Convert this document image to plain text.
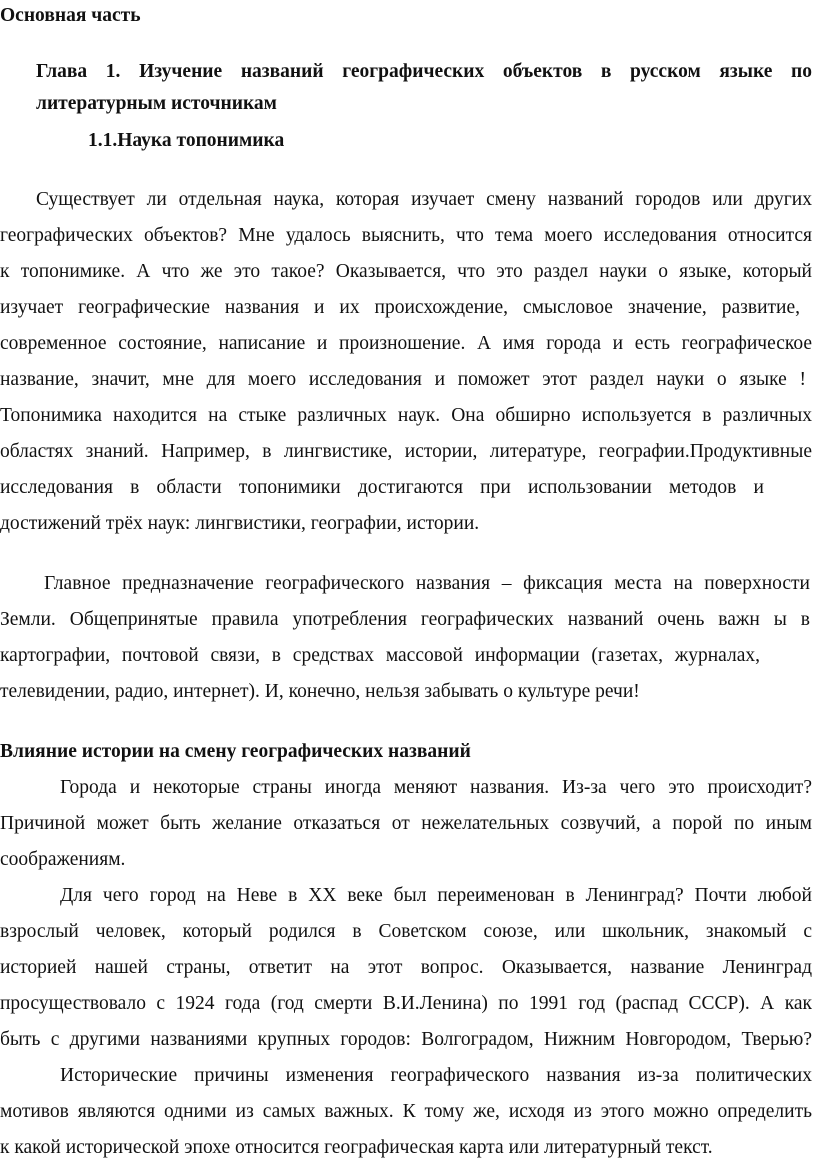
Основная часть
Глава 1. Изучение названий географических объектов в русском языке по
литературным источникам
1.1.Наука топонимика
Существует ли отдельная наука, которая изучает смену названий городов или других
географических объектов? Мне удалось выяснить, что тема моего исследования относится
к топонимике. А что же это такое? Оказывается, что это раздел науки о языке, который
изучает географические названия и их происхождение, смысловое значение, развитие,
современное состояние, написание и произношение. А имя города и есть географическое
название, значит, мне для моего исследования и поможет этот раздел науки о языке !
Топонимика находится на стыке различных наук. Она обширно используется в различных
областях знаний. Например, в лингвистике, истории, литературе, географии.Продуктивные
исследования в области топонимики достигаются при использовании методов и
достижений трёх наук: лингвистики, географии, истории.
Главное предназначение географического названия – фиксация места на поверхности
Земли. Общепринятые правила употребления географических названий очень важн ы в
картографии, почтовой связи, в средствах массовой информации (газетах, журналах,
телевидении, радио, интернет). И, конечно, нельзя забывать о культуре речи!
Влияние истории на смену географических названий
Города и некоторые страны иногда меняют названия. Из-за чего это происходит?
Причиной может быть желание отказаться от нежелательных созвучий, а порой по иным
соображениям.
Для чего город на Неве в XX веке был переименован в Ленинград? Почти любой
взрослый человек, который родился в Советском союзе, или школьник, знакомый с
историей нашей страны, ответит на этот вопрос. Оказывается, название Ленинград
просуществовало с 1924 года (год смерти В.И.Ленина) по 1991 год (распад СССР). А как
быть с другими названиями крупных городов: Волгоградом, Нижним Новгородом, Тверью?
Исторические причины изменения географического названия из-за политических
мотивов являются одними из самых важных. К тому же, исходя из этого можно определить
к какой исторической эпохе относится географическая карта или литературный текст.
